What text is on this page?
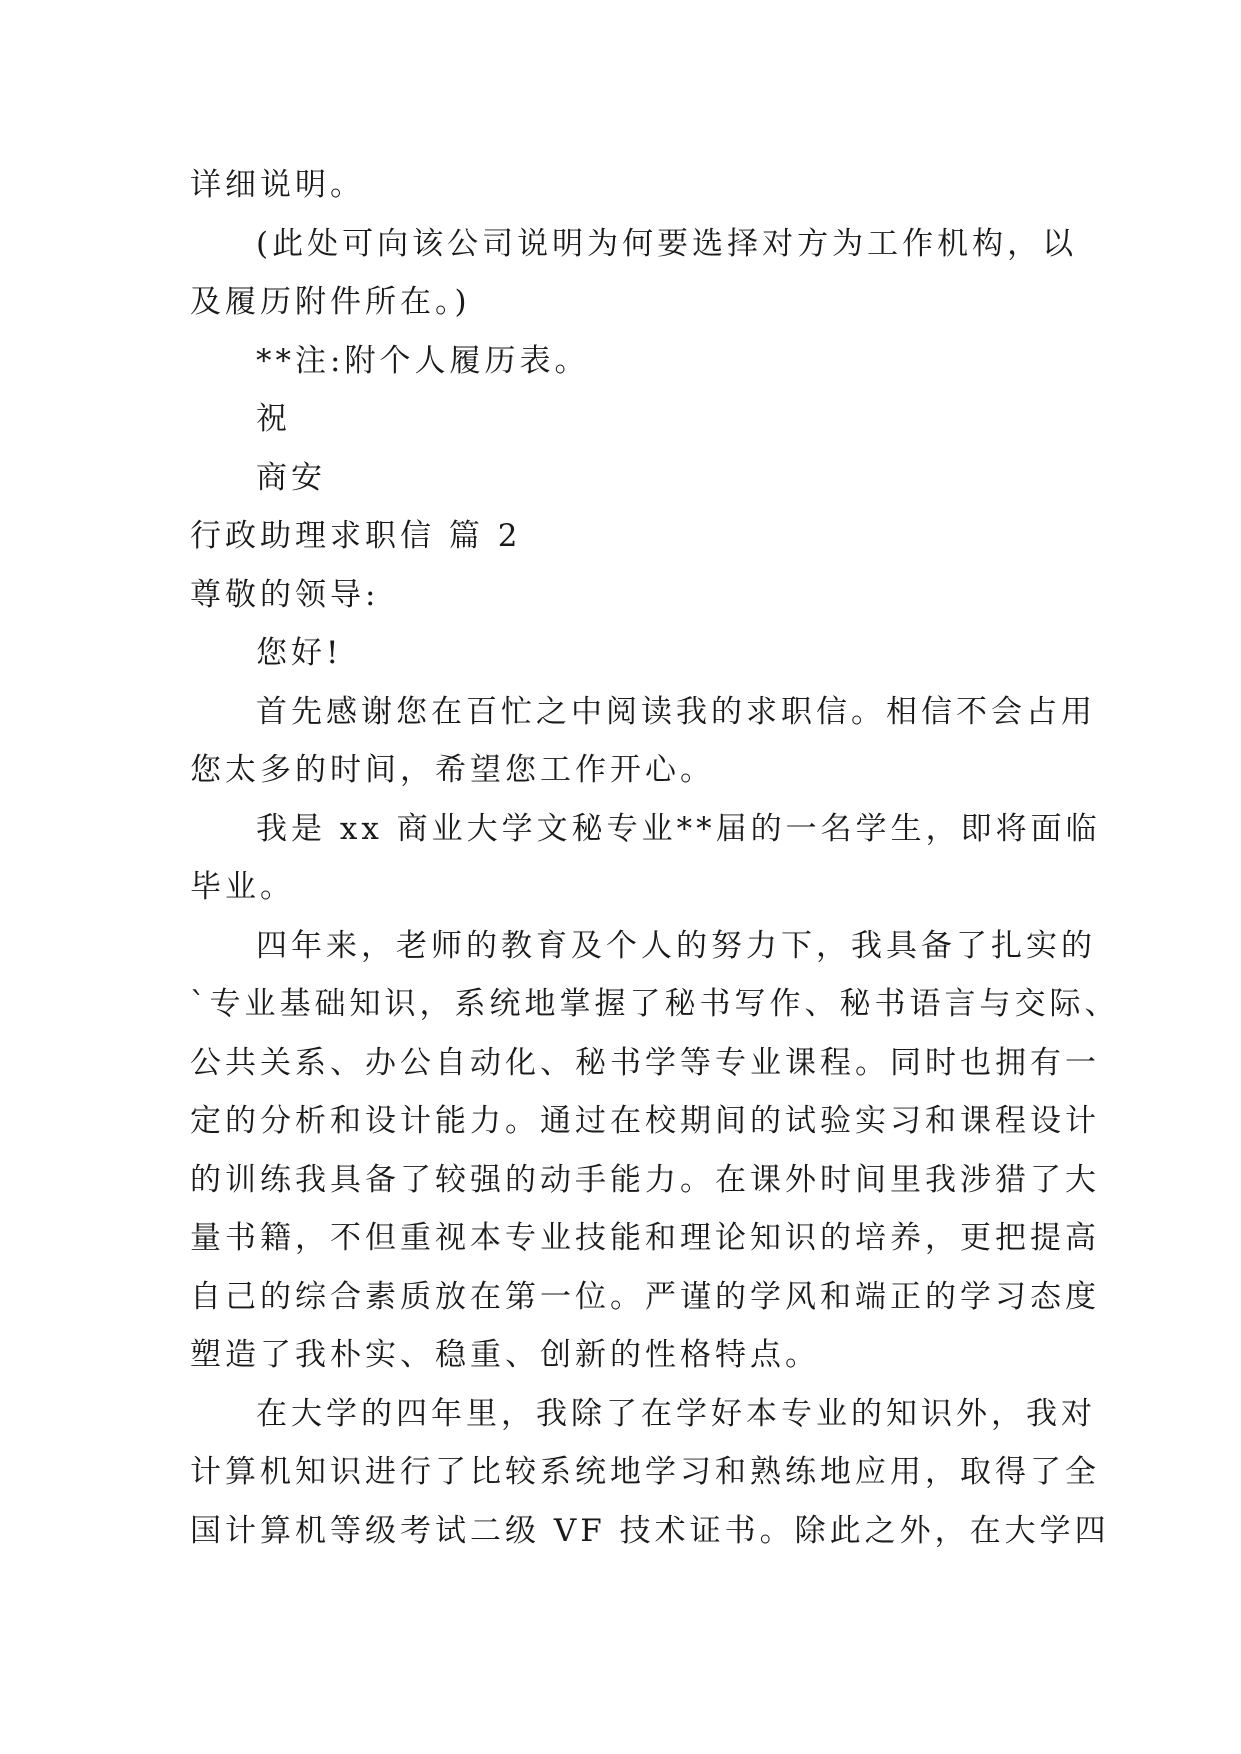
详细说明。
(此处可向该公司说明为何要选择对方为工作机构，以
及履历附件所在。)
**注:附个人履历表。
祝
商安
行政助理求职信 篇 2
尊敬的领导:
您好!
首先感谢您在百忙之中阅读我的求职信。相信不会占用
您太多的时间，希望您工作开心。
我是 xx 商业大学文秘专业**届的一名学生，即将面临
毕业。
四年来，老师的教育及个人的努力下，我具备了扎实的
`专业基础知识，系统地掌握了秘书写作、秘书语言与交际、
公共关系、办公自动化、秘书学等专业课程。同时也拥有一
定的分析和设计能力。通过在校期间的试验实习和课程设计
的训练我具备了较强的动手能力。在课外时间里我涉猎了大
量书籍，不但重视本专业技能和理论知识的培养，更把提高
自己的综合素质放在第一位。严谨的学风和端正的学习态度
塑造了我朴实、稳重、创新的性格特点。
在大学的四年里，我除了在学好本专业的知识外，我对
计算机知识进行了比较系统地学习和熟练地应用，取得了全
国计算机等级考试二级 VF 技术证书。除此之外，在大学四
